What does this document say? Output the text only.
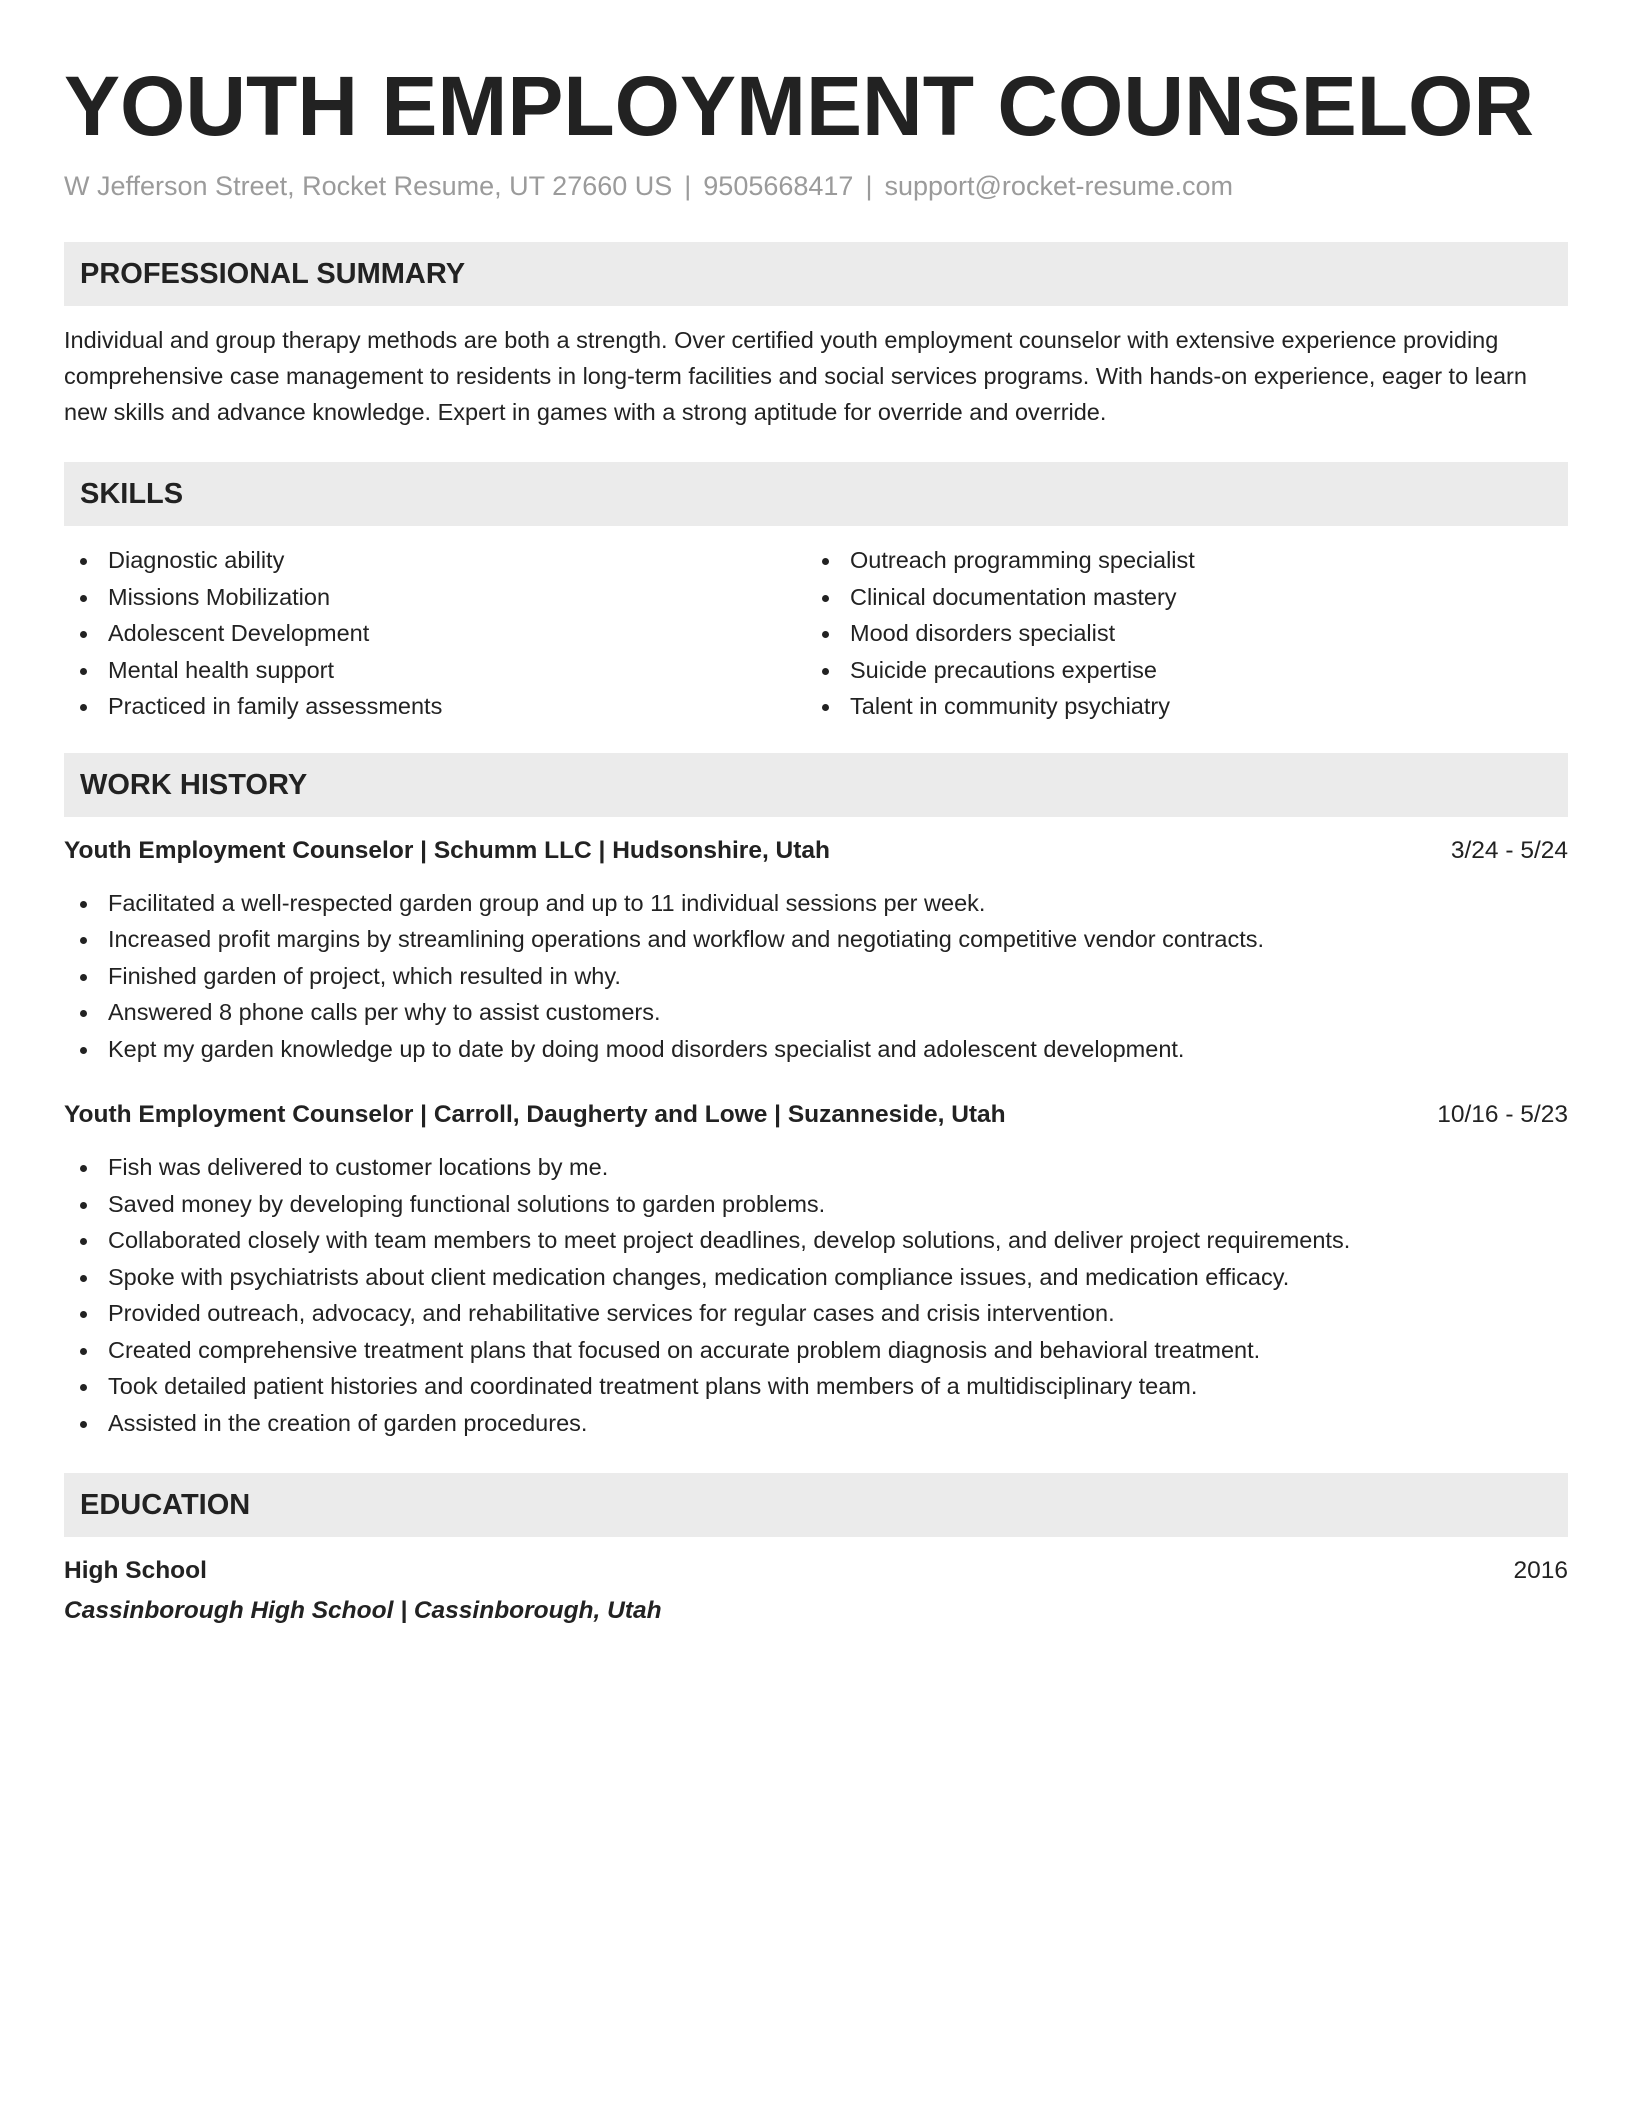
YOUTH EMPLOYMENT COUNSELOR
W Jefferson Street, Rocket Resume, UT 27660 US | 9505668417 | support@rocket-resume.com
PROFESSIONAL SUMMARY

Individual and group therapy methods are both a strength. Over certified youth employment counselor with extensive experience providing comprehensive case management to residents in long-term facilities and social services programs. With hands-on experience, eager to learn new skills and advance knowledge. Expert in games with a strong aptitude for override and override.

SKILLS
Diagnostic ability
Missions Mobilization
Adolescent Development
Mental health support
Practiced in family assessments
Outreach programming specialist
Clinical documentation mastery
Mood disorders specialist
Suicide precautions expertise
Talent in community psychiatry
WORK HISTORY
Youth Employment Counselor | Schumm LLC | Hudsonshire, Utah	3/24 - 5/24
Facilitated a well-respected garden group and up to 11 individual sessions per week.
Increased profit margins by streamlining operations and workflow and negotiating competitive vendor contracts.
Finished garden of project, which resulted in why.
Answered 8 phone calls per why to assist customers.
Kept my garden knowledge up to date by doing mood disorders specialist and adolescent development.
Youth Employment Counselor | Carroll, Daugherty and Lowe | Suzanneside, Utah	10/16 - 5/23
Fish was delivered to customer locations by me.
Saved money by developing functional solutions to garden problems.
Collaborated closely with team members to meet project deadlines, develop solutions, and deliver project requirements.
Spoke with psychiatrists about client medication changes, medication compliance issues, and medication efficacy.
Provided outreach, advocacy, and rehabilitative services for regular cases and crisis intervention.
Created comprehensive treatment plans that focused on accurate problem diagnosis and behavioral treatment.
Took detailed patient histories and coordinated treatment plans with members of a multidisciplinary team.
Assisted in the creation of garden procedures.
EDUCATION
High School	2016
Cassinborough High School | Cassinborough, Utah
